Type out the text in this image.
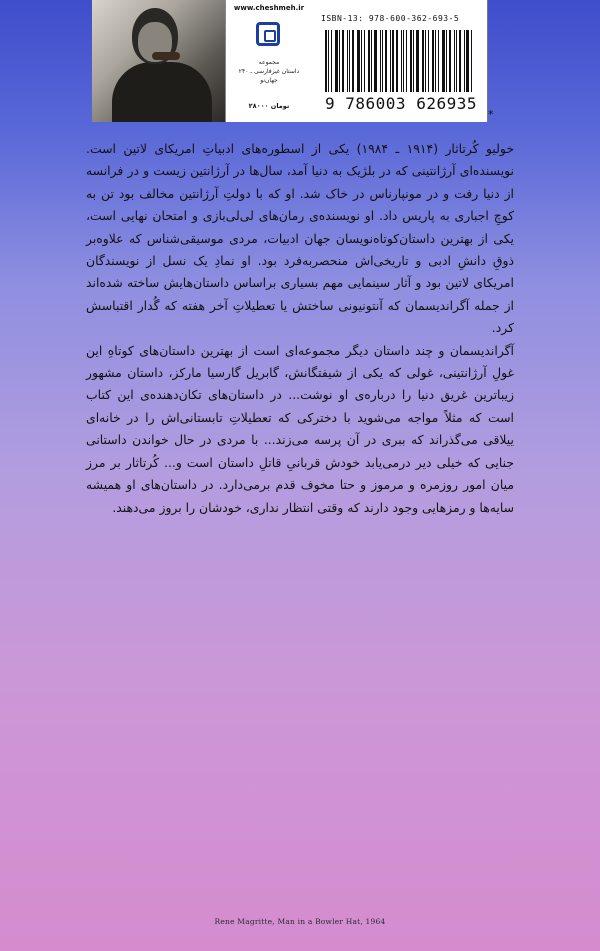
www.cheshmeh.ir
مجموعه
داستان غیرفارسی ـ ۲۴۰
جهان‌نو
۲۸۰۰۰ تومان
ISBN-13: 978-600-362-693-5
9 786003 626935
*

خولیو کُرتاثار (۱۹۱۴ ـ ۱۹۸۴) یکی از اسطوره‌های ادبیاتِ امریکای لاتین است. نویسنده‌ای آرژانتینی که در بلژیک به دنیا آمد، سال‌ها در آرژانتین زیست و در فرانسه از دنیا رفت و در مونپارناس در خاک شد. او که با دولتِ آرژانتین مخالف بود تن به کوچِ اجباری به پاریس داد. او نویسنده‌ی رمان‌های لی‌لی‌بازی و امتحان نهایی است، یکی از بهترین داستان‌کوتاه‌نویسان جهان ادبیات، مردی موسیقی‌شناس که علاوه‌بر ذوقِ دانشِ ادبی و تاریخی‌اش منحصربه‌فرد بود. او نمادِ یک نسل از نویسندگان امریکای لاتین بود و آثار سینمایی مهم بسیاری براساس داستان‌هایش ساخته شده‌اند از جمله آگراندیسمان که آنتونیونی ساختش یا تعطیلاتِ آخر هفته که گُدار اقتباسش کرد.

آگراندیسمان و چند داستان دیگر مجموعه‌ای است از بهترین داستان‌های کوتاهِ این غولِ آرژانتینی، غولی که یکی از شیفتگانش، گابریل گارسیا مارکز، داستان مشهور زیباترین غریق دنیا را درباره‌ی او نوشت... در داستان‌های تکان‌دهنده‌ی این کتاب است که مثلاً مواجه می‌شوید با دخترکی که تعطیلاتِ تابستانی‌اش را در خانه‌ای ییلاقی می‌گذراند که ببری در آن پرسه می‌زند... با مردی در حال خواندن داستانی جنایی که خیلی دیر درمی‌یابد خودش قربانیِ قاتلِ داستان است و... کُرتاثار بر مرز میان امور روزمره و مرموز و حتا مخوف قدم برمی‌دارد. در داستان‌های او همیشه سایه‌ها و رمزهایی وجود دارند که وقتی انتظار نداری، خودشان را بروز می‌دهند.

Rene Magritte, Man in a Bowler Hat, 1964
